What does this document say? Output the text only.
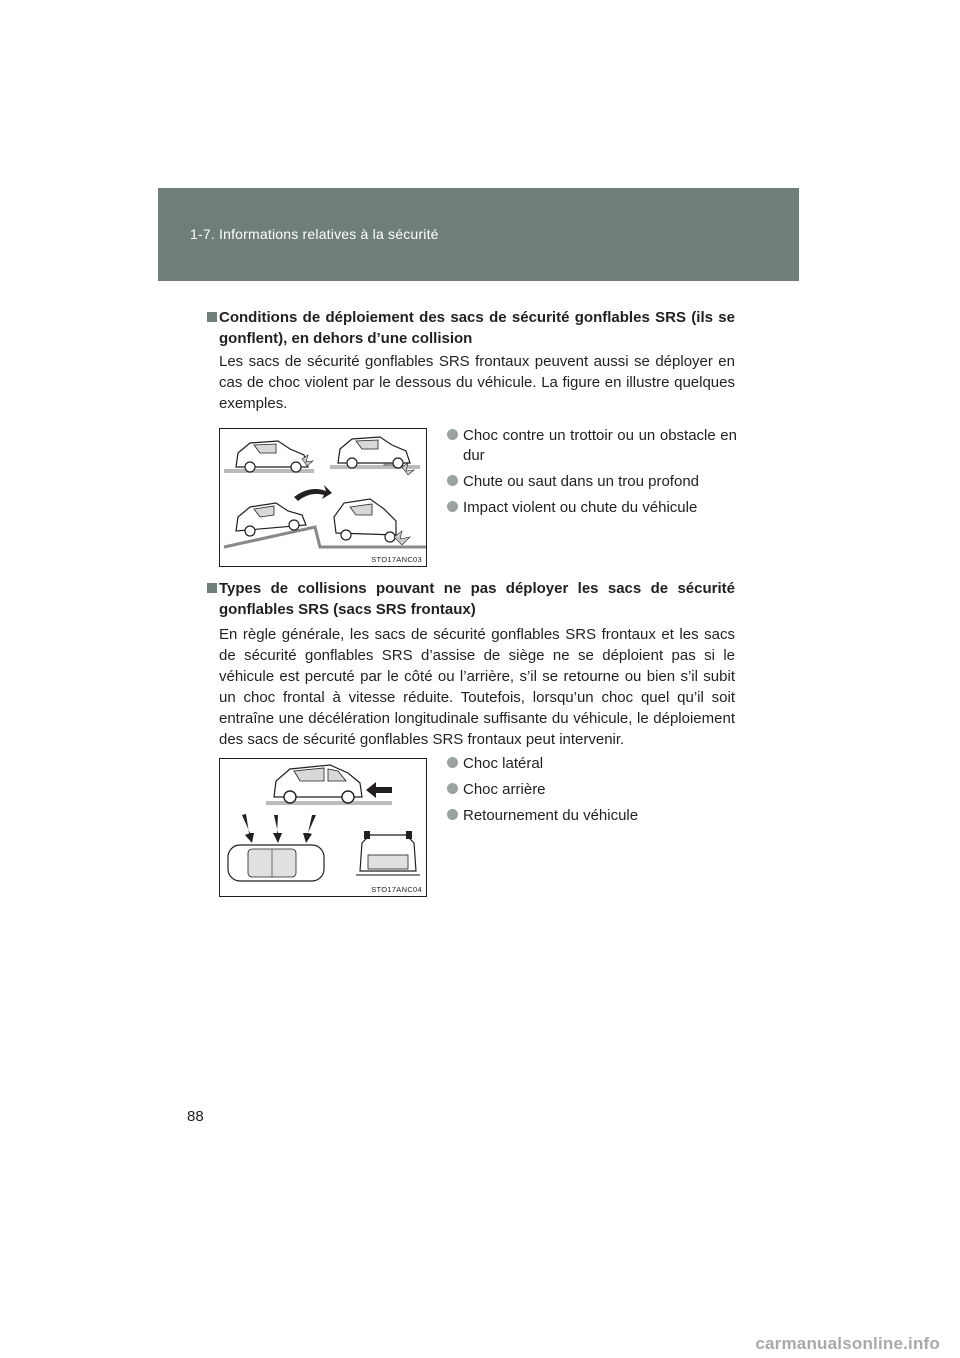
1-7. Informations relatives à la sécurité
Conditions de déploiement des sacs de sécurité gonflables SRS (ils se gonflent), en dehors d’une collision
Les sacs de sécurité gonflables SRS frontaux peuvent aussi se déployer en cas de choc violent par le dessous du véhicule. La figure en illustre quelques exemples.
STO17ANC03
Choc contre un trottoir ou un obstacle en dur
Chute ou saut dans un trou profond
Impact violent ou chute du véhicule
Types de collisions pouvant ne pas déployer les sacs de sécurité gonflables SRS (sacs SRS frontaux)
En règle générale, les sacs de sécurité gonflables SRS frontaux et les sacs de sécurité gonflables SRS d’assise de siège ne se déploient pas si le véhicule est percuté par le côté ou l’arrière, s’il se retourne ou bien s’il subit un choc frontal à vitesse réduite. Toutefois, lorsqu’un choc quel qu’il soit entraîne une décélération longitudinale suffisante du véhicule, le déploiement des sacs de sécurité gonflables SRS frontaux peut intervenir.
STO17ANC04
Choc latéral
Choc arrière
Retournement du véhicule
88
carmanualsonline.info
